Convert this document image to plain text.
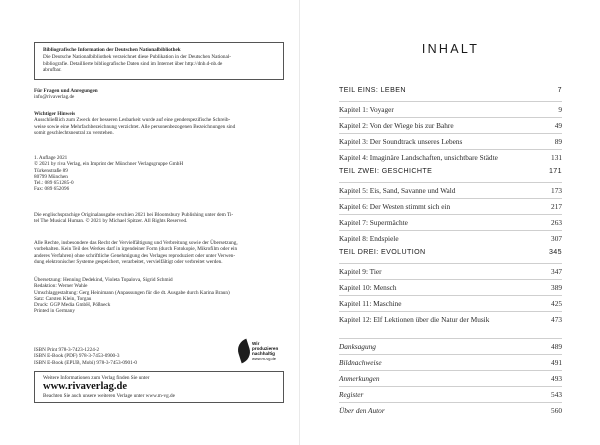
Bibliografische Information der Deutschen Nationalbibliothek

Die Deutsche Nationalbibliothek verzeichnet diese Publikation in der Deutschen National-

bibliografie. Detaillierte bibliografische Daten sind im Internet über http://dnb.d-nb.de

abrufbar.

Für Fragen und Anregungen

info@rivaverlag.de

Wichtiger Hinweis

Ausschließlich zum Zweck der besseren Lesbarkeit wurde auf eine genderspezifische Schreib-

weise sowie eine Mehrfachbezeichnung verzichtet. Alle personenbezogenen Bezeichnungen sind

somit geschlechtsneutral zu verstehen.

1. Auflage 2021

© 2021 by riva Verlag, ein Imprint der Münchner Verlagsgruppe GmbH

Türkenstraße 89

80799 München

Tel.: 089 651285-0

Fax: 089 652096

Die englischsprachige Originalausgabe erschien 2021 bei Bloomsbury Publishing unter dem Ti-

tel The Musical Human. © 2021 by Michael Spitzer. All Rights Reserved.

Alle Rechte, insbesondere das Recht der Vervielfältigung und Verbreitung sowie der Übersetzung,

vorbehalten. Kein Teil des Werkes darf in irgendeiner Form (durch Fotokopie, Mikrofilm oder ein

anderes Verfahren) ohne schriftliche Genehmigung des Verlages reproduziert oder unter Verwen-

dung elektronischer Systeme gespeichert, verarbeitet, vervielfältigt oder verbreitet werden.

Übersetzung: Henning Dedekind, Violeta Topalova, Sigrid Schmid

Redaktion: Werner Wahle

Umschlaggestaltung: Gerg Heinimann (Anpassungen für die dt. Ausgabe durch Karina Braun)

Satz: Carsten Klein, Torgau

Druck: GGP Media GmbH, Pößneck

Printed in Germany

ISBN Print 978-3-7423-1224-2

ISBN E-Book (PDF) 978-3-7453-0900-3

ISBN E-Book (EPUB, Mobi) 978-3-7453-0901-0

Wir produzieren
nachhaltig
www.m-vg.de

Weitere Informationen zum Verlag finden Sie unter

www.rivaverlag.de

Beachten Sie auch unsere weiteren Verlage unter www.m-vg.de

INHALT
TEIL EINS: LEBEN	7
Kapitel 1: Voyager	9
Kapitel 2: Von der Wiege bis zur Bahre	49
Kapitel 3: Der Soundtrack unseres Lebens	89
Kapitel 4: Imaginäre Landschaften, unsichtbare Städte	131
TEIL ZWEI: GESCHICHTE	171
Kapitel 5: Eis, Sand, Savanne und Wald	173
Kapitel 6: Der Westen stimmt sich ein	217
Kapitel 7: Supermächte	263
Kapitel 8: Endspiele	307
TEIL DREI: EVOLUTION	345
Kapitel 9: Tier	347
Kapitel 10: Mensch	389
Kapitel 11: Maschine	425
Kapitel 12: Elf Lektionen über die Natur der Musik	473
Danksagung	489
Bildnachweise	491
Anmerkungen	493
Register	543
Über den Autor	560
